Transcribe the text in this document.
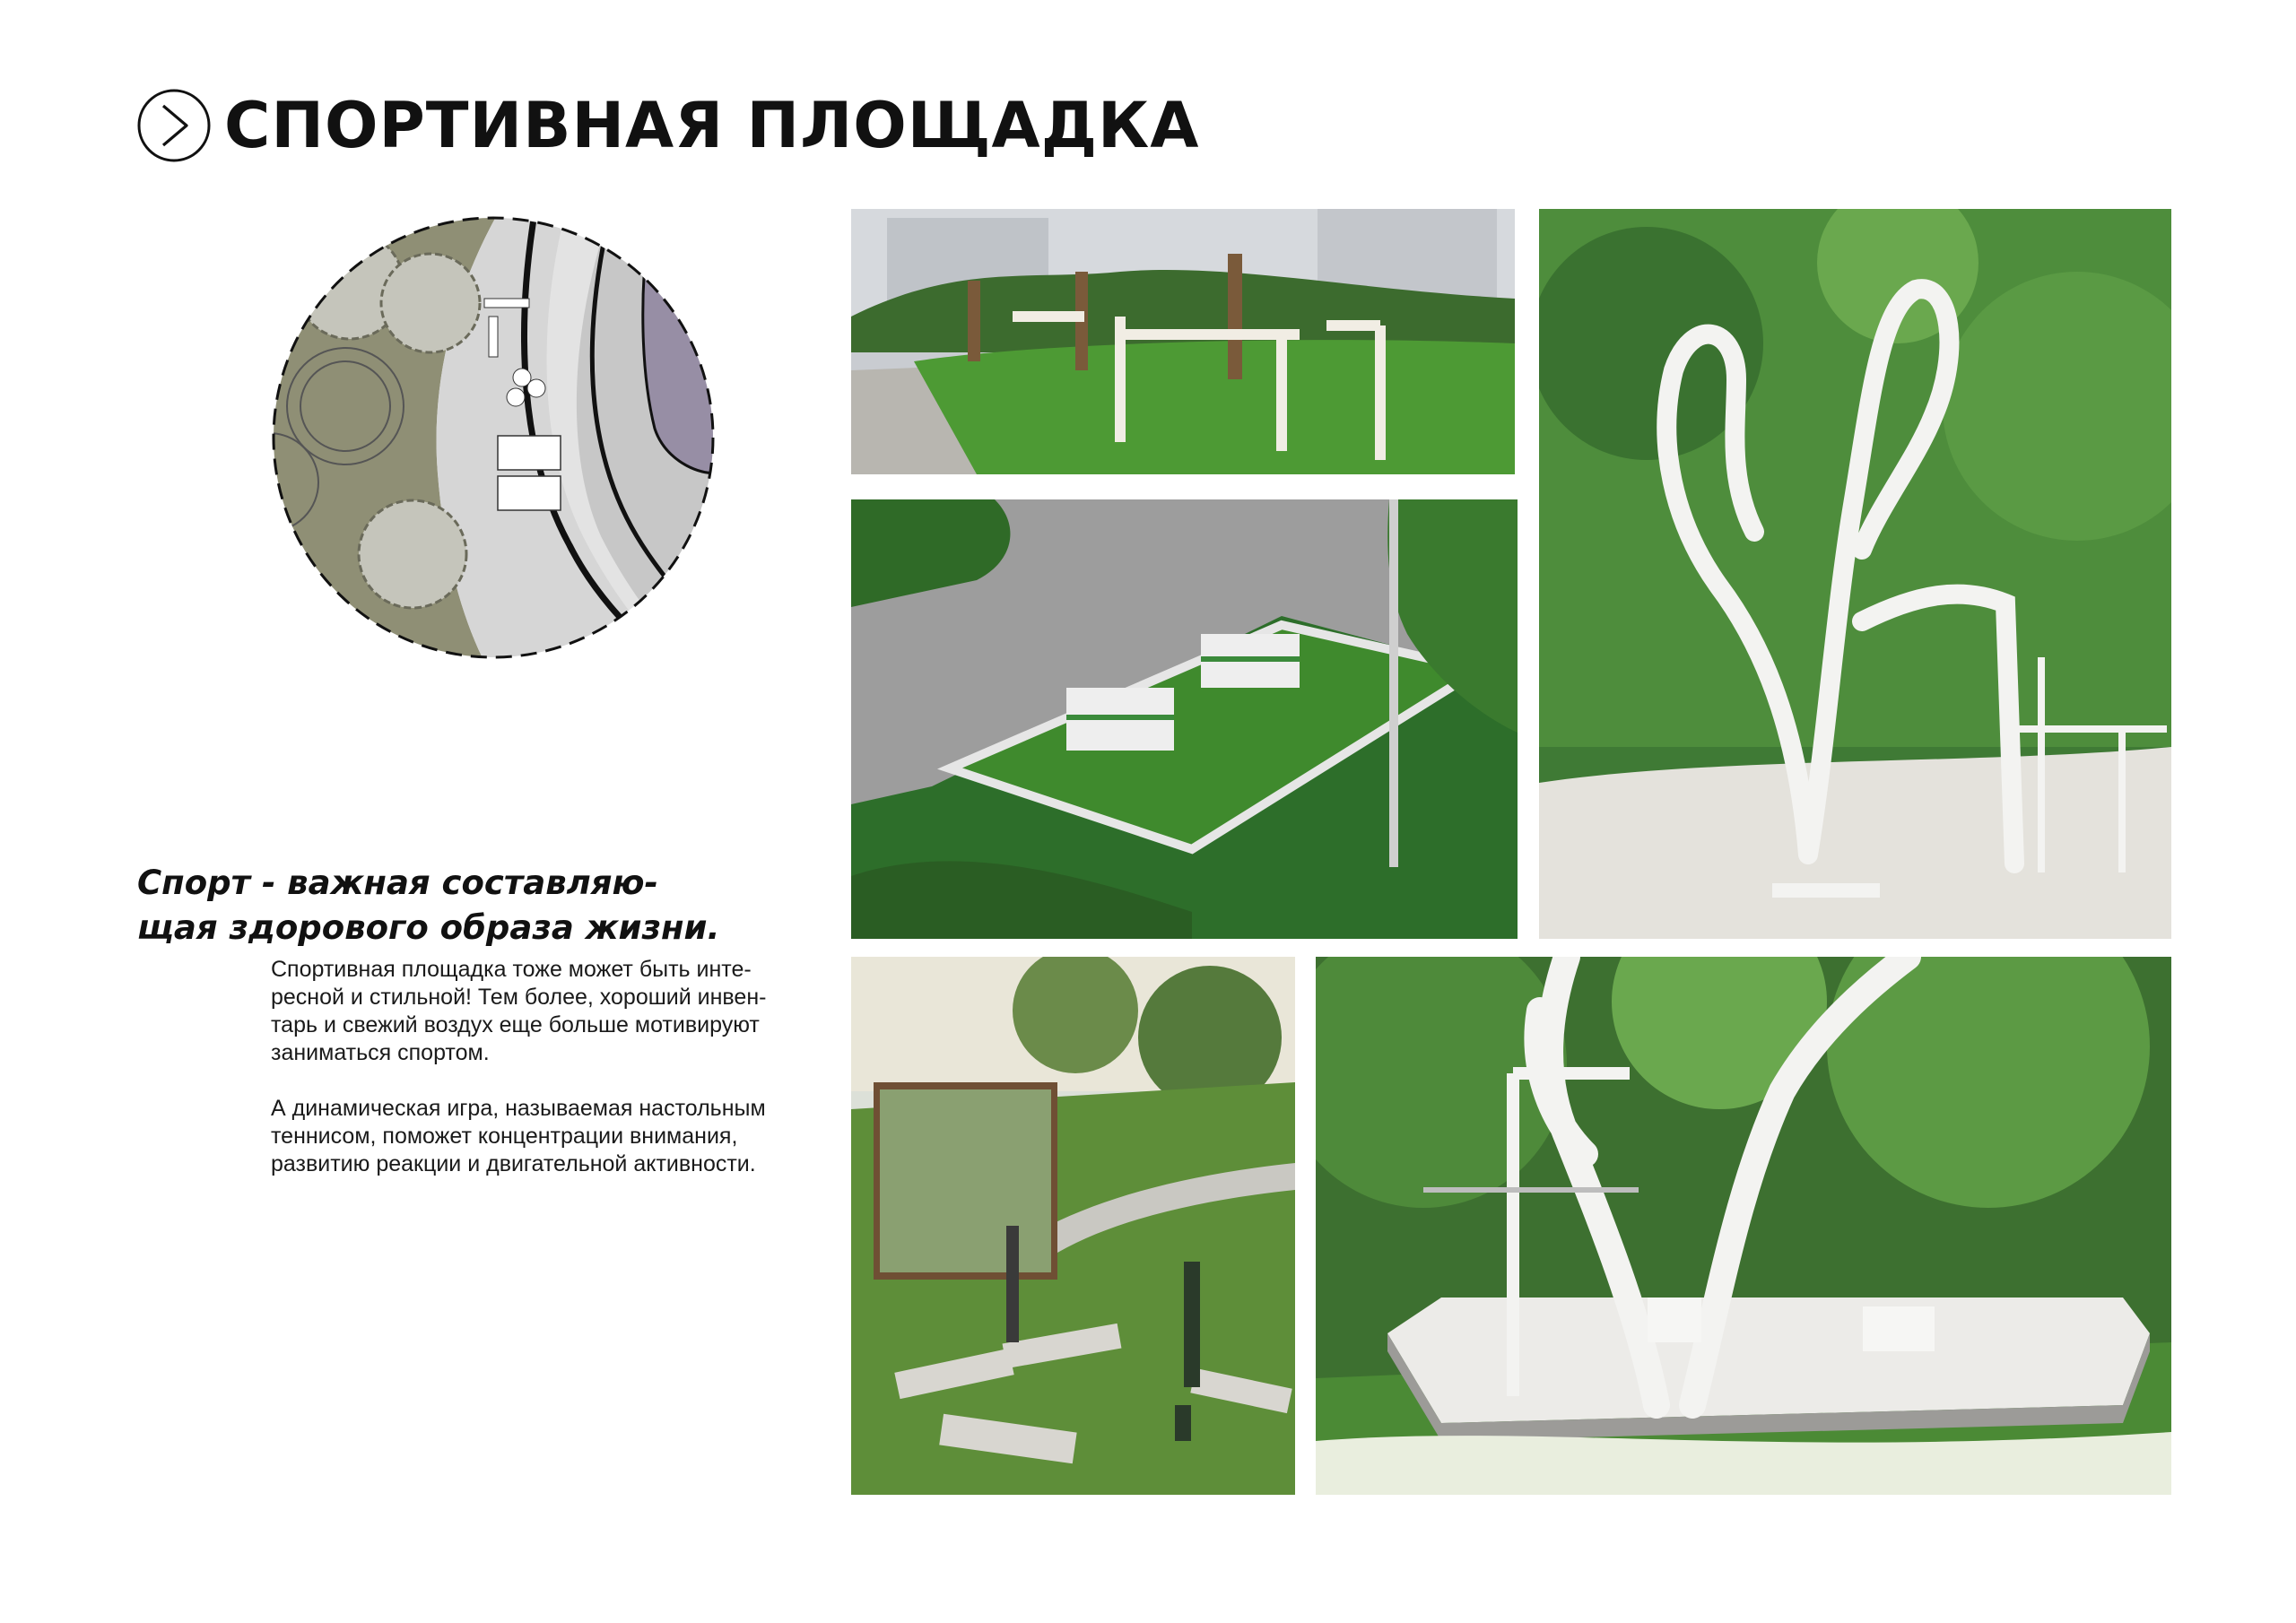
СПОРТИВНАЯ ПЛОЩАДКА
Спорт - важная составляю-
щая здорового образа жизни.

Спортивная площадка тоже может быть инте-
ресной и стильной! Тем более, хороший инвен-
тарь и свежий воздух еще больше мотивируют
заниматься спортом.

А динамическая игра, называемая настольным
теннисом, поможет концентрации внимания,
развитию реакции и двигательной активности.
